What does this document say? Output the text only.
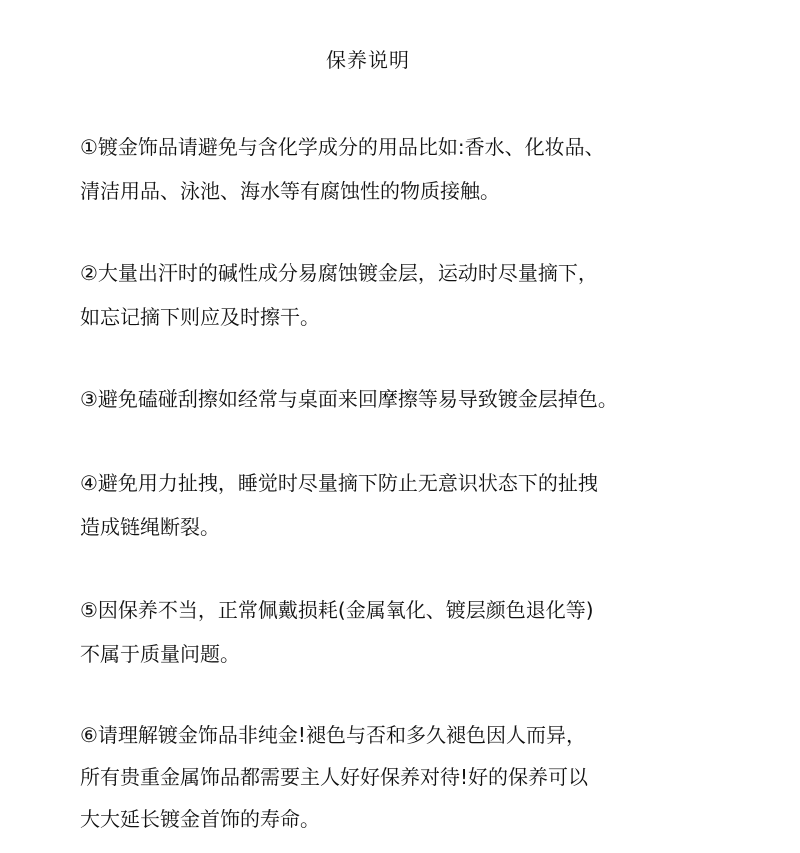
保养说明
①镀金饰品请避免与含化学成分的用品比如:香水、化妆品、
清洁用品、泳池、海水等有腐蚀性的物质接触。
②大量出汗时的碱性成分易腐蚀镀金层，运动时尽量摘下，
如忘记摘下则应及时擦干。
③避免磕碰刮擦如经常与桌面来回摩擦等易导致镀金层掉色。
④避免用力扯拽，睡觉时尽量摘下防止无意识状态下的扯拽
造成链绳断裂。
⑤因保养不当，正常佩戴损耗(金属氧化、镀层颜色退化等)
不属于质量问题。
⑥请理解镀金饰品非纯金!褪色与否和多久褪色因人而异，
所有贵重金属饰品都需要主人好好保养对待!好的保养可以
大大延长镀金首饰的寿命。
